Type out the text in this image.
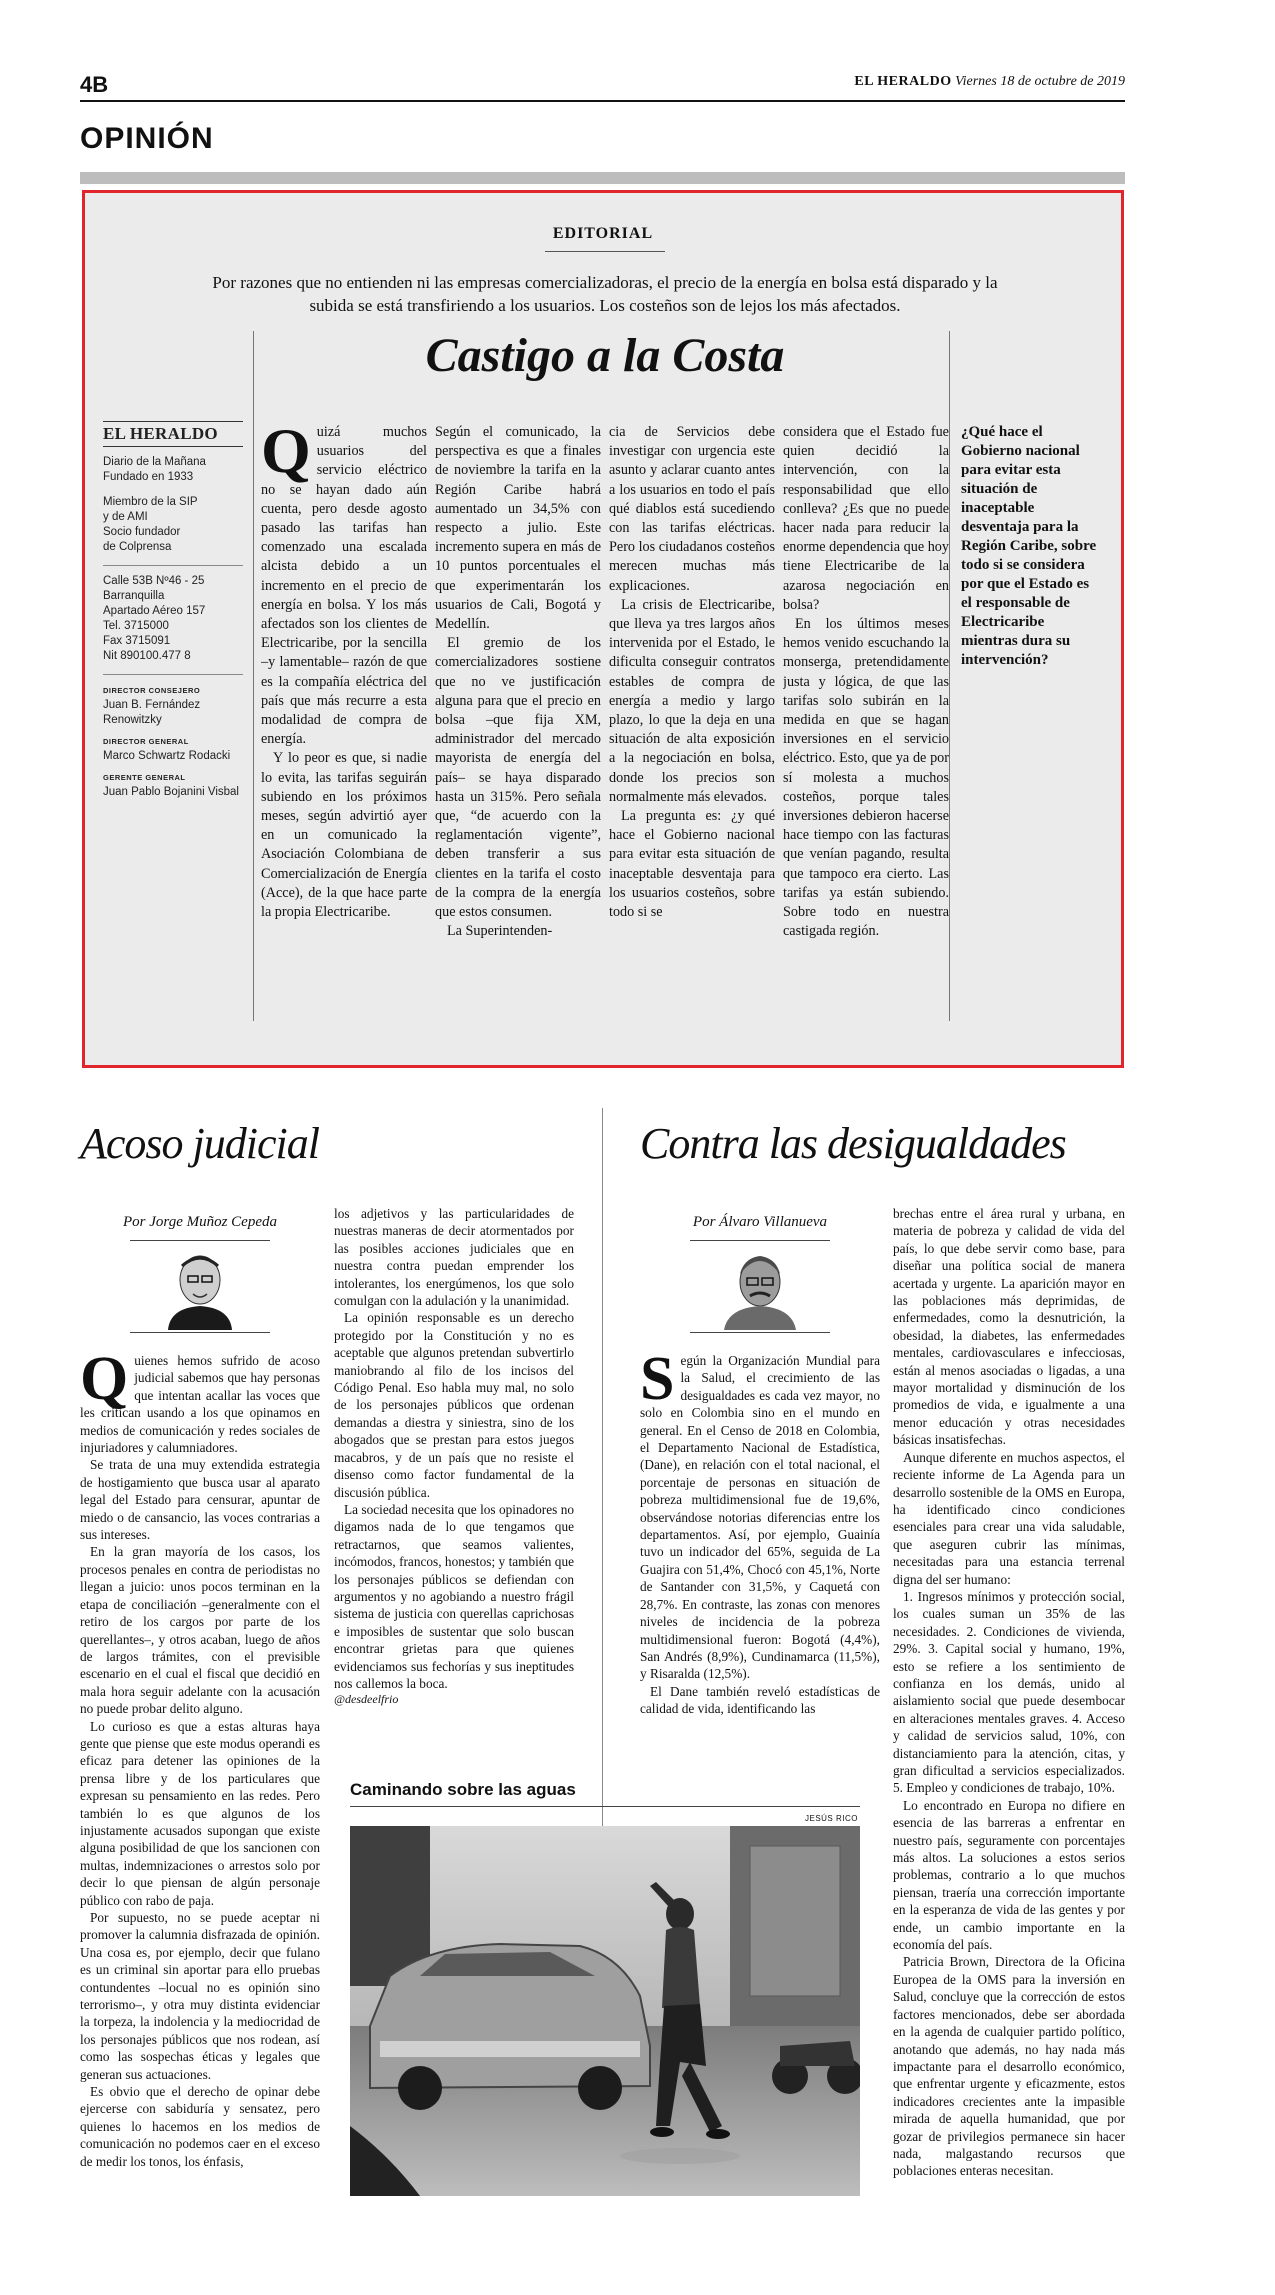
4B	EL HERALDO Viernes 18 de octubre de 2019
OPINIÓN
EDITORIAL
Por razones que no entienden ni las empresas comercializadoras, el precio de la energía en bolsa está disparado y la subida se está transfiriendo a los usuarios. Los costeños son de lejos los más afectados.
Castigo a la Costa
EL HERALDO

Diario de la Mañana
Fundado en 1933

Miembro de la SIP
y de AMI
Socio fundador
de Colprensa

Calle 53B Nº46 - 25
Barranquilla
Apartado Aéreo 157
Tel. 3715000
Fax 3715091
Nit 890100.477 8

DIRECTOR CONSEJERO
Juan B. Fernández Renowitzky
DIRECTOR GENERAL
Marco Schwartz Rodacki
GERENTE GENERAL
Juan Pablo Bojanini Visbal

Quizá muchos usuarios del servicio eléctrico no se hayan dado aún cuenta, pero desde agosto pasado las tarifas han comenzado una escalada alcista debido a un incremento en el precio de energía en bolsa. Y los más afectados son los clientes de Electricaribe, por la sencilla –y lamentable– razón de que es la compañía eléctrica del país que más recurre a esta modalidad de compra de energía.

Y lo peor es que, si nadie lo evita, las tarifas seguirán subiendo en los próximos meses, según advirtió ayer en un comunicado la Asociación Colombiana de Comercialización de Energía (Acce), de la que hace parte la propia Electricaribe.

Según el comunicado, la perspectiva es que a finales de noviembre la tarifa en la Región Caribe habrá aumentado un 34,5% con respecto a julio. Este incremento supera en más de 10 puntos porcentuales el que experimentarán los usuarios de Cali, Bogotá y Medellín.

El gremio de los comercializadores sostiene que no ve justificación alguna para que el precio en bolsa –que fija XM, administrador del mercado mayorista de energía del país– se haya disparado hasta un 315%. Pero señala que, “de acuerdo con la reglamentación vigente”, deben transferir a sus clientes en la tarifa el costo de la compra de la energía que estos consumen.

La Superintenden-

cia de Servicios debe investigar con urgencia este asunto y aclarar cuanto antes a los usuarios en todo el país qué diablos está sucediendo con las tarifas eléctricas. Pero los ciudadanos costeños merecen muchas más explicaciones.

La crisis de Electricaribe, que lleva ya tres largos años intervenida por el Estado, le dificulta conseguir contratos estables de compra de energía a medio y largo plazo, lo que la deja en una situación de alta exposición a la negociación en bolsa, donde los precios son normalmente más elevados.

La pregunta es: ¿y qué hace el Gobierno nacional para evitar esta situación de inaceptable desventaja para los usuarios costeños, sobre todo si se

considera que el Estado fue quien decidió la intervención, con la responsabilidad que ello conlleva? ¿Es que no puede hacer nada para reducir la enorme dependencia que hoy tiene Electricaribe de la azarosa negociación en bolsa?

En los últimos meses hemos venido escuchando la monserga, pretendidamente justa y lógica, de que las tarifas solo subirán en la medida en que se hagan inversiones en el servicio eléctrico. Esto, que ya de por sí molesta a muchos costeños, porque tales inversiones debieron hacerse hace tiempo con las facturas que venían pagando, resulta que tampoco era cierto. Las tarifas ya están subiendo. Sobre todo en nuestra castigada región.

¿Qué hace el Gobierno nacional para evitar esta situación de inaceptable desventaja para la Región Caribe, sobre todo si se considera por que el Estado es el responsable de Electricaribe mientras dura su intervención?
Acoso judicial
Por Jorge Muñoz Cepeda

Quienes hemos sufrido de acoso judicial sabemos que hay personas que intentan acallar las voces que les critican usando a los que opinamos en medios de comunicación y redes sociales de injuriadores y calumniadores.

Se trata de una muy extendida estrategia de hostigamiento que busca usar al aparato legal del Estado para censurar, apuntar de miedo o de cansancio, las voces contrarias a sus intereses.

En la gran mayoría de los casos, los procesos penales en contra de periodistas no llegan a juicio: unos pocos terminan en la etapa de conciliación –generalmente con el retiro de los cargos por parte de los querellantes–, y otros acaban, luego de años de largos trámites, con el previsible escenario en el cual el fiscal que decidió en mala hora seguir adelante con la acusación no puede probar delito alguno.

Lo curioso es que a estas alturas haya gente que piense que este modus operandi es eficaz para detener las opiniones de la prensa libre y de los particulares que expresan su pensamiento en las redes. Pero también lo es que algunos de los injustamente acusados supongan que existe alguna posibilidad de que los sancionen con multas, indemnizaciones o arrestos solo por decir lo que piensan de algún personaje público con rabo de paja.

Por supuesto, no se puede aceptar ni promover la calumnia disfrazada de opinión. Una cosa es, por ejemplo, decir que fulano es un criminal sin aportar para ello pruebas contundentes –locual no es opinión sino terrorismo–, y otra muy distinta evidenciar la torpeza, la indolencia y la mediocridad de los personajes públicos que nos rodean, así como las sospechas éticas y legales que generan sus actuaciones.

Es obvio que el derecho de opinar debe ejercerse con sabiduría y sensatez, pero quienes lo hacemos en los medios de comunicación no podemos caer en el exceso de medir los tonos, los énfasis,

los adjetivos y las particularidades de nuestras maneras de decir atormentados por las posibles acciones judiciales que en nuestra contra puedan emprender los intolerantes, los energúmenos, los que solo comulgan con la adulación y la unanimidad.

La opinión responsable es un derecho protegido por la Constitución y no es aceptable que algunos pretendan subvertirlo maniobrando al filo de los incisos del Código Penal. Eso habla muy mal, no solo de los personajes públicos que ordenan demandas a diestra y siniestra, sino de los abogados que se prestan para estos juegos macabros, y de un país que no resiste el disenso como factor fundamental de la discusión pública.

La sociedad necesita que los opinadores no digamos nada de lo que tengamos que retractarnos, que seamos valientes, incómodos, francos, honestos; y también que los personajes públicos se defiendan con argumentos y no agobiando a nuestro frágil sistema de justicia con querellas caprichosas e imposibles de sustentar que solo buscan encontrar grietas para que quienes evidenciamos sus fechorías y sus ineptitudes nos callemos la boca.

@desdeelfrio

Caminando sobre las aguas
JESÚS RICO
Contra las desigualdades
Por Álvaro Villanueva

Según la Organización Mundial para la Salud, el crecimiento de las desigualdades es cada vez mayor, no solo en Colombia sino en el mundo en general. En el Censo de 2018 en Colombia, el Departamento Nacional de Estadística, (Dane), en relación con el total nacional, el porcentaje de personas en situación de pobreza multidimensional fue de 19,6%, observándose notorias diferencias entre los departamentos. Así, por ejemplo, Guainía tuvo un indicador del 65%, seguida de La Guajira con 51,4%, Chocó con 45,1%, Norte de Santander con 31,5%, y Caquetá con 28,7%. En contraste, las zonas con menores niveles de incidencia de la pobreza multidimensional fueron: Bogotá (4,4%), San Andrés (8,9%), Cundinamarca (11,5%), y Risaralda (12,5%).

El Dane también reveló estadísticas de calidad de vida, identificando las

brechas entre el área rural y urbana, en materia de pobreza y calidad de vida del país, lo que debe servir como base, para diseñar una política social de manera acertada y urgente. La aparición mayor en las poblaciones más deprimidas, de enfermedades, como la desnutrición, la obesidad, la diabetes, las enfermedades mentales, cardiovasculares e infecciosas, están al menos asociadas o ligadas, a una mayor mortalidad y disminución de los promedios de vida, e igualmente a una menor educación y otras necesidades básicas insatisfechas.

Aunque diferente en muchos aspectos, el reciente informe de La Agenda para un desarrollo sostenible de la OMS en Europa, ha identificado cinco condiciones esenciales para crear una vida saludable, que aseguren cubrir las mínimas, necesitadas para una estancia terrenal digna del ser humano:

1. Ingresos mínimos y protección social, los cuales suman un 35% de las necesidades. 2. Condiciones de vivienda, 29%. 3. Capital social y humano, 19%, esto se refiere a los sentimiento de confianza en los demás, unido al aislamiento social que puede desembocar en alteraciones mentales graves. 4. Acceso y calidad de servicios salud, 10%, con distanciamiento para la atención, citas, y gran dificultad a servicios especializados. 5. Empleo y condiciones de trabajo, 10%.

Lo encontrado en Europa no difiere en esencia de las barreras a enfrentar en nuestro país, seguramente con porcentajes más altos. La soluciones a estos serios problemas, contrario a lo que muchos piensan, traería una corrección importante en la esperanza de vida de las gentes y por ende, un cambio importante en la economía del país.

Patricia Brown, Directora de la Oficina Europea de la OMS para la inversión en Salud, concluye que la corrección de estos factores mencionados, debe ser abordada en la agenda de cualquier partido político, anotando que además, no hay nada más impactante para el desarrollo económico, que enfrentar urgente y eficazmente, estos indicadores crecientes ante la impasible mirada de aquella humanidad, que por gozar de privilegios permanece sin hacer nada, malgastando recursos que poblaciones enteras necesitan.
